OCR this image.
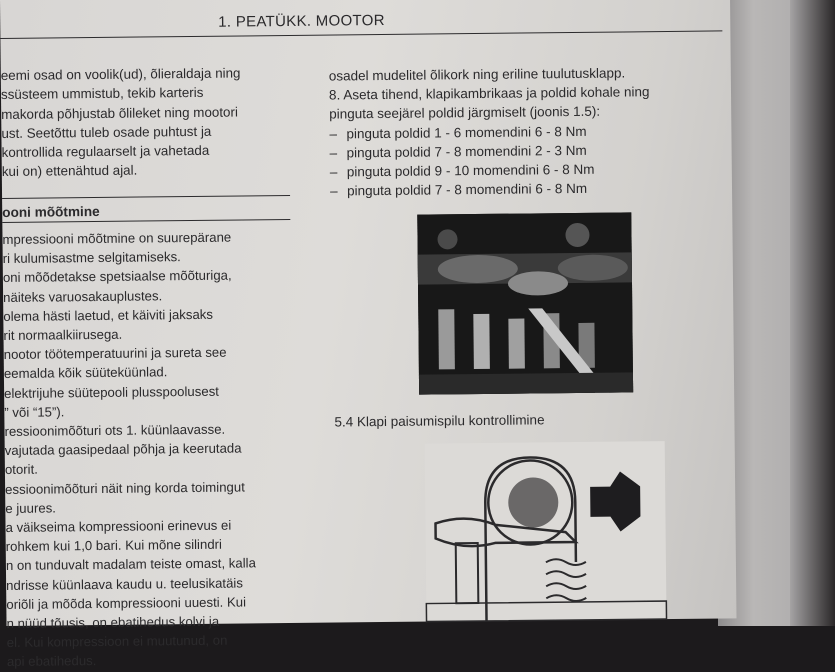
1. PEATÜKK. MOOTOR

eemi osad on voolik(ud), õlieraldaja ning

ssüsteem ummistub, tekib karteris

makorda põhjustab õlileket ning mootori

ust. Seetõttu tuleb osade puhtust ja

kontrollida regulaarselt ja vahetada

kui on) ettenähtud ajal.

ooni mõõtmine

mpressiooni mõõtmine on suurepärane

ri kulumisastme selgitamiseks.

oni mõõdetakse spetsiaalse mõõturiga,

näiteks varuosakauplustes.

olema hästi laetud, et käiviti jaksaks

rit normaalkiirusega.

nootor töötemperatuurini ja sureta see

eemalda kõik süüteküünlad.

elektrijuhe süütepooli plusspoolusest

” või “15”).

ressioonimõõturi ots 1. küünlaavasse.

vajutada gaasipedaal põhja ja keerutada

otorit.

essioonimõõturi näit ning korda toimingut

e juures.

a väikseima kompressiooni erinevus ei

rohkem kui 1,0 bari. Kui mõne silindri

n on tunduvalt madalam teiste omast, kalla

ndrisse küünlaava kaudu u. teelusikatäis

oriõli ja mõõda kompressiooni uuesti. Kui

n nüüd tõusis, on ebatihedus kolvi ja

el. Kui kompressioon ei muutunud, on

api ebatihedus.

osadel mudelitel õlikork ning eriline tuulutusklapp.

8. Aseta tihend, klapikambrikaas ja poldid kohale ning

pinguta seejärel poldid järgmiselt (joonis 1.5):

– pinguta poldid 1 - 6 momendini 6 - 8 Nm

– pinguta poldid 7 - 8 momendini 2 - 3 Nm

– pinguta poldid 9 - 10 momendini 6 - 8 Nm

– pinguta poldid 7 - 8 momendini 6 - 8 Nm

5.4 Klapi paisumispilu kontrollimine
